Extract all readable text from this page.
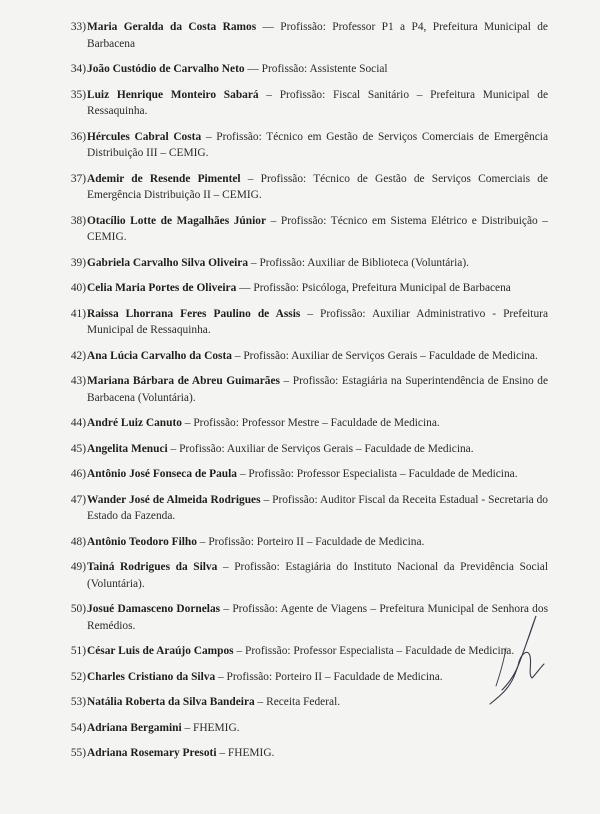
33) Maria Geralda da Costa Ramos — Profissão: Professor P1 a P4, Prefeitura Municipal de Barbacena
34) João Custódio de Carvalho Neto — Profissão: Assistente Social
35) Luiz Henrique Monteiro Sabará – Profissão: Fiscal Sanitário – Prefeitura Municipal de Ressaquinha.
36) Hércules Cabral Costa – Profissão: Técnico em Gestão de Serviços Comerciais de Emergência Distribuição III – CEMIG.
37) Ademir de Resende Pimentel – Profissão: Técnico de Gestão de Serviços Comerciais de Emergência Distribuição II – CEMIG.
38) Otacílio Lotte de Magalhães Júnior – Profissão: Técnico em Sistema Elétrico e Distribuição – CEMIG.
39) Gabriela Carvalho Silva Oliveira – Profissão: Auxiliar de Biblioteca (Voluntária).
40) Celia Maria Portes de Oliveira — Profissão: Psicóloga, Prefeitura Municipal de Barbacena
41) Raissa Lhorrana Feres Paulino de Assis – Profissão: Auxiliar Administrativo - Prefeitura Municipal de Ressaquinha.
42) Ana Lúcia Carvalho da Costa – Profissão: Auxiliar de Serviços Gerais – Faculdade de Medicina.
43) Mariana Bárbara de Abreu Guimarães – Profissão: Estagiária na Superintendência de Ensino de Barbacena (Voluntária).
44) André Luiz Canuto – Profissão: Professor Mestre – Faculdade de Medicina.
45) Angelita Menuci – Profissão: Auxiliar de Serviços Gerais – Faculdade de Medicina.
46) Antônio José Fonseca de Paula – Profissão: Professor Especialista – Faculdade de Medicina.
47) Wander José de Almeida Rodrigues – Profissão: Auditor Fiscal da Receita Estadual - Secretaria do Estado da Fazenda.
48) Antônio Teodoro Filho – Profissão: Porteiro II – Faculdade de Medicina.
49) Tainá Rodrigues da Silva – Profissão: Estagiária do Instituto Nacional da Previdência Social (Voluntária).
50) Josué Damasceno Dornelas – Profissão: Agente de Viagens – Prefeitura Municipal de Senhora dos Remédios.
51) César Luis de Araújo Campos – Profissão: Professor Especialista – Faculdade de Medicina.
52) Charles Cristiano da Silva – Profissão: Porteiro II – Faculdade de Medicina.
53) Natália Roberta da Silva Bandeira – Receita Federal.
54) Adriana Bergamini – FHEMIG.
55) Adriana Rosemary Presoti – FHEMIG.
